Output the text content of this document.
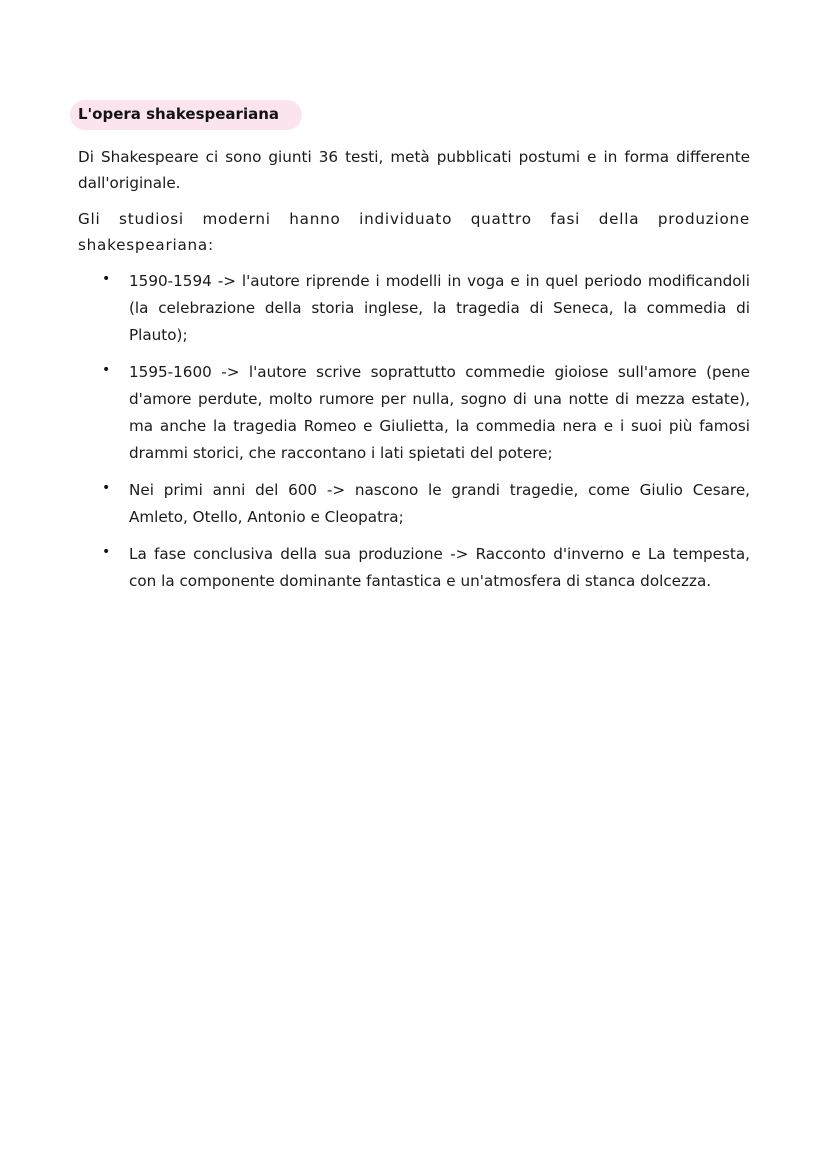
L'opera shakespeariana

Di Shakespeare ci sono giunti 36 testi, metà pubblicati postumi e in forma differente dall'originale.

Gli studiosi moderni hanno individuato quattro fasi della produzione shakespeariana:

• 1590-1594 -> l'autore riprende i modelli in voga e in quel periodo modificandoli (la celebrazione della storia inglese, la tragedia di Seneca, la commedia di Plauto);
• 1595-1600 -> l'autore scrive soprattutto commedie gioiose sull'amore (pene d'amore perdute, molto rumore per nulla, sogno di una notte di mezza estate), ma anche la tragedia Romeo e Giulietta, la commedia nera e i suoi più famosi drammi storici, che raccontano i lati spietati del potere;
• Nei primi anni del 600 -> nascono le grandi tragedie, come Giulio Cesare, Amleto, Otello, Antonio e Cleopatra;
• La fase conclusiva della sua produzione -> Racconto d'inverno e La tempesta, con la componente dominante fantastica e un'atmosfera di stanca dolcezza.
